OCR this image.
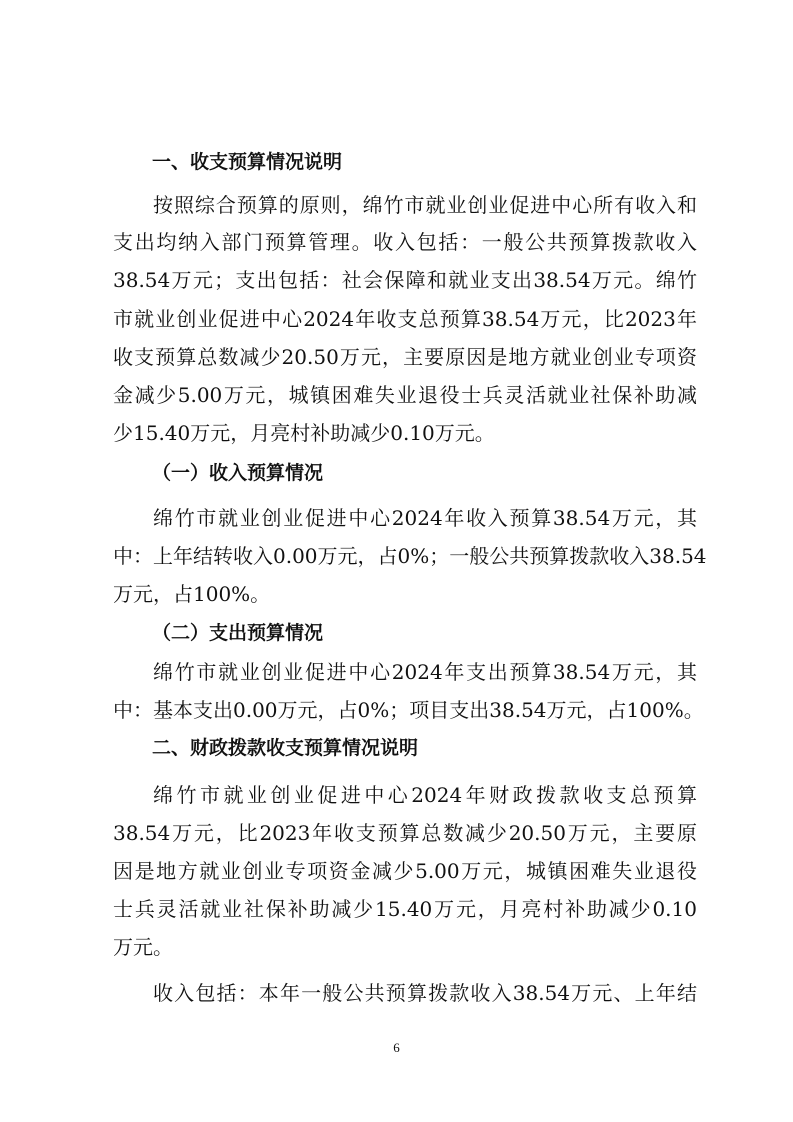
一、收支预算情况说明
按照综合预算的原则，绵竹市就业创业促进中心所有收入和
支出均纳入部门预算管理。收入包括：一般公共预算拨款收入
38.54万元；支出包括：社会保障和就业支出38.54万元。绵竹
市就业创业促进中心2024年收支总预算38.54万元，比2023年
收支预算总数减少20.50万元，主要原因是地方就业创业专项资
金减少5.00万元，城镇困难失业退役士兵灵活就业社保补助减
少15.40万元，月亮村补助减少0.10万元。
（一）收入预算情况
绵竹市就业创业促进中心2024年收入预算38.54万元，其
中：上年结转收入0.00万元，占0%；一般公共预算拨款收入38.54
万元，占100%。
（二）支出预算情况
绵竹市就业创业促进中心2024年支出预算38.54万元，其
中：基本支出0.00万元，占0%；项目支出38.54万元，占100%。
二、财政拨款收支预算情况说明
绵竹市就业创业促进中心2024年财政拨款收支总预算
38.54万元，比2023年收支预算总数减少20.50万元，主要原
因是地方就业创业专项资金减少5.00万元，城镇困难失业退役
士兵灵活就业社保补助减少15.40万元，月亮村补助减少0.10
万元。
收入包括：本年一般公共预算拨款收入38.54万元、上年结
6
